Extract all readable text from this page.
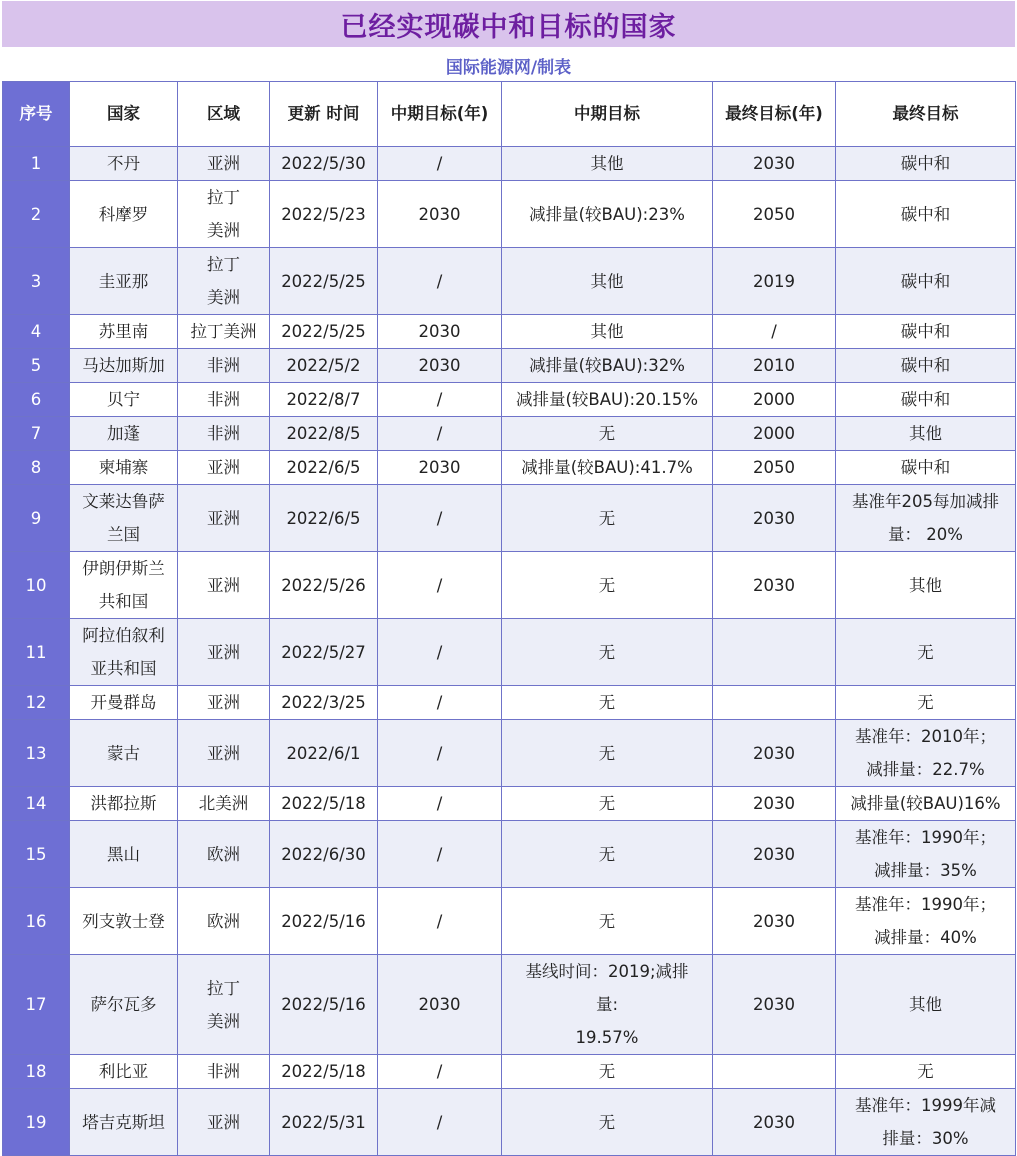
已经实现碳中和目标的国家
国际能源网/制表
序号	国家	区域	更新 时间	中期目标(年)	中期目标	最终目标(年)	最终目标
1	不丹	亚洲	2022/5/30	/	其他	2030	碳中和

2	科摩罗	拉丁
美洲	2022/5/23	2030	减排量(较BAU):23%	2050	碳中和

3	圭亚那	拉丁
美洲	2022/5/25	/	其他	2019	碳中和

4	苏里南	拉丁美洲	2022/5/25	2030	其他	/	碳中和

5	马达加斯加	非洲	2022/5/2	2030	减排量(较BAU):32%	2010	碳中和

6	贝宁	非洲	2022/8/7	/	减排量(较BAU):20.15%	2000	碳中和

7	加蓬	非洲	2022/8/5	/	无	2000	其他

8	柬埔寨	亚洲	2022/6/5	2030	减排量(较BAU):41.7%	2050	碳中和

9	文莱达鲁萨
兰国	亚洲	2022/6/5	/	无	2030	基准年205每加减排
量： 20%

10	伊朗伊斯兰
共和国	亚洲	2022/5/26	/	无	2030	其他

11	阿拉伯叙利
亚共和国	亚洲	2022/5/27	/	无		无

12	开曼群岛	亚洲	2022/3/25	/	无		无

13	蒙古	亚洲	2022/6/1	/	无	2030	基准年：2010年；
减排量：22.7%

14	洪都拉斯	北美洲	2022/5/18	/	无	2030	减排量(较BAU)16%

15	黑山	欧洲	2022/6/30	/	无	2030	基准年：1990年；
减排量：35%

16	列支敦士登	欧洲	2022/5/16	/	无	2030	基准年：1990年；
减排量：40%

17	萨尔瓦多	拉丁
美洲	2022/5/16	2030	基线时间：2019;减排
量:
19.57%	2030	其他

18	利比亚	非洲	2022/5/18	/	无		无

19	塔吉克斯坦	亚洲	2022/5/31	/	无	2030	基准年：1999年减
排量：30%
